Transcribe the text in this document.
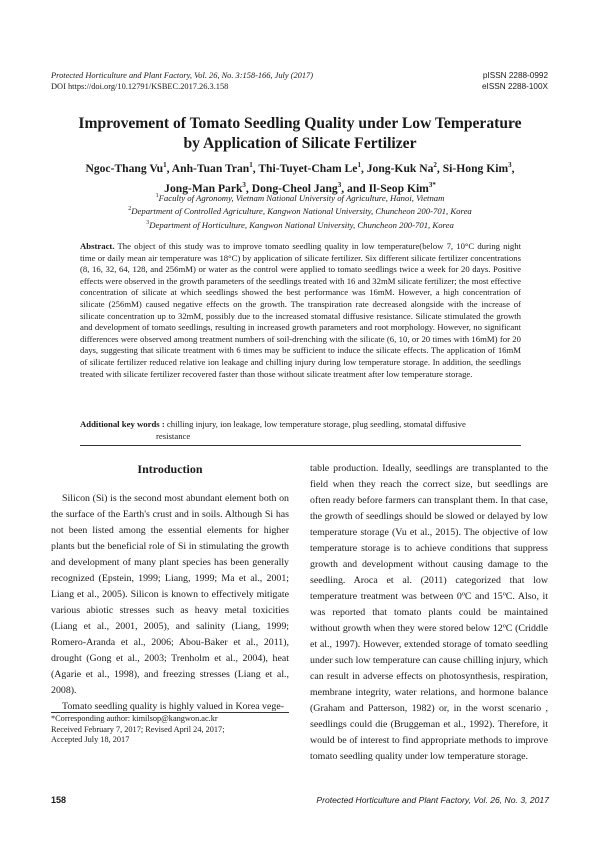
Protected Horticulture and Plant Factory, Vol. 26, No. 3:158-166, July (2017)
DOI https://doi.org/10.12791/KSBEC.2017.26.3.158
pISSN 2288-0992
eISSN 2288-100X
Improvement of Tomato Seedling Quality under Low Temperature
by Application of Silicate Fertilizer
Ngoc-Thang Vu$^1$, Anh-Tuan Tran$^1$, Thi-Tuyet-Cham Le$^1$, Jong-Kuk Na$^2$, Si-Hong Kim$^3$,
Jong-Man Park$^3$, Dong-Cheol Jang$^3$, and Il-Seop Kim$^{3*}$
$^1$Faculty of Agronomy, Vietnam National University of Agriculture, Hanoi, Vietnam
$^2$Department of Controlled Agriculture, Kangwon National University, Chuncheon 200-701, Korea
$^3$Department of Horticulture, Kangwon National University, Chuncheon 200-701, Korea
Abstract. The object of this study was to improve tomato seedling quality in low temperature(below 7, 10°C during night time or daily mean air temperature was 18°C) by application of silicate fertilizer. Six different silicate fertilizer concentrations (8, 16, 32, 64, 128, and 256mM) or water as the control were applied to tomato seedlings twice a week for 20 days. Positive effects were observed in the growth parameters of the seedlings treated with 16 and 32mM silicate fertilizer; the most effective concentration of silicate at which seedlings showed the best performance was 16mM. However, a high concentration of silicate (256mM) caused negative effects on the growth. The transpiration rate decreased alongside with the increase of silicate concentration up to 32mM, possibly due to the increased stomatal diffusive resistance. Silicate stimulated the growth and development of tomato seedlings, resulting in increased growth parameters and root morphology. However, no significant differences were observed among treatment numbers of soil-drenching with the silicate (6, 10, or 20 times with 16mM) for 20 days, suggesting that silicate treatment with 6 times may be sufficient to induce the silicate effects. The application of 16mM of silicate fertilizer reduced relative ion leakage and chilling injury during low temperature storage. In addition, the seedlings treated with silicate fertilizer recovered faster than those without silicate treatment after low temperature storage.
Additional key words : chilling injury, ion leakage, low temperature storage, plug seedling, stomatal diffusive
resistance
Introduction

Silicon (Si) is the second most abundant element both on the surface of the Earth's crust and in soils. Although Si has not been listed among the essential elements for higher plants but the beneficial role of Si in stimulating the growth and development of many plant species has been generally recognized (Epstein, 1999; Liang, 1999; Ma et al., 2001; Liang et al., 2005). Silicon is known to effectively mitigate various abiotic stresses such as heavy metal toxicities (Liang et al., 2001, 2005), and salinity (Liang, 1999; Romero-Aranda et al., 2006; Abou-Baker et al., 2011), drought (Gong et al., 2003; Trenholm et al., 2004), heat (Agarie et al., 1998), and freezing stresses (Liang et al., 2008).

Tomato seedling quality is highly valued in Korea vege-

table production. Ideally, seedlings are transplanted to the field when they reach the correct size, but seedlings are often ready before farmers can transplant them. In that case, the growth of seedlings should be slowed or delayed by low temperature storage (Vu et al., 2015). The objective of low temperature storage is to achieve conditions that suppress growth and development without causing damage to the seedling. Aroca et al. (2011) categorized that low temperature treatment was between 0ºC and 15ºC. Also, it was reported that tomato plants could be maintained without growth when they were stored below 12ºC (Criddle et al., 1997). However, extended storage of tomato seedling under such low temperature can cause chilling injury, which can result in adverse effects on photosynthesis, respiration, membrane integrity, water relations, and hormone balance (Graham and Patterson, 1982) or, in the worst scenario , seedlings could die (Bruggeman et al., 1992). Therefore, it would be of interest to find appropriate methods to improve tomato seedling quality under low temperature storage.

*Corresponding author: kimilsop@kangwon.ac.kr
Received February 7, 2017; Revised April 24, 2017;
Accepted July 18, 2017
158	Protected Horticulture and Plant Factory, Vol. 26, No. 3, 2017
